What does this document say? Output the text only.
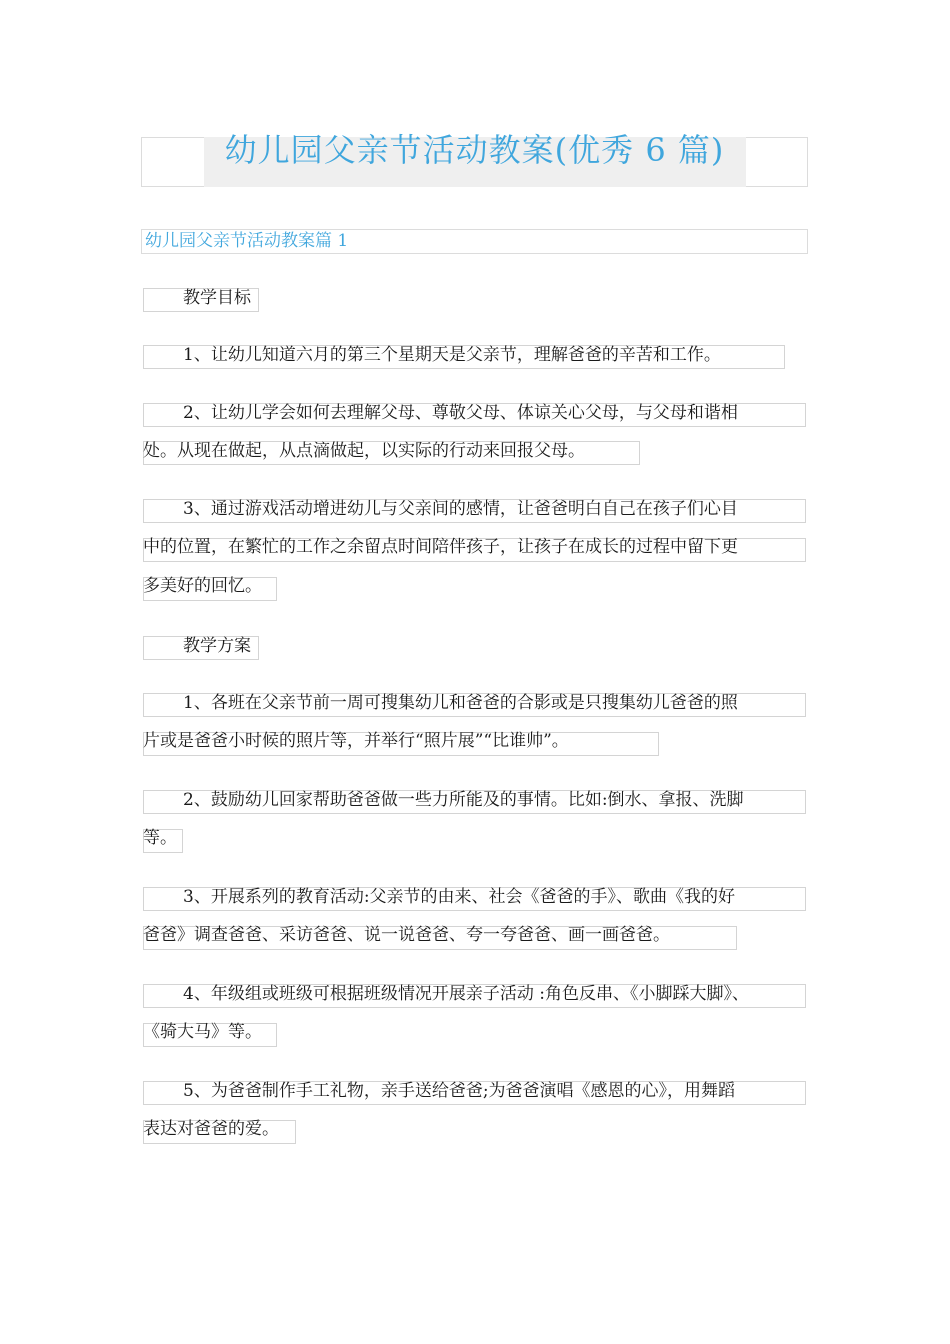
幼儿园父亲节活动教案(优秀 6 篇)
幼儿园父亲节活动教案篇 1
教学目标
1、让幼儿知道六月的第三个星期天是父亲节，理解爸爸的辛苦和工作。
2、让幼儿学会如何去理解父母、尊敬父母、体谅关心父母，与父母和谐相
处。从现在做起，从点滴做起，以实际的行动来回报父母。
3、通过游戏活动增进幼儿与父亲间的感情，让爸爸明白自己在孩子们心目
中的位置，在繁忙的工作之余留点时间陪伴孩子，让孩子在成长的过程中留下更
多美好的回忆。
教学方案
1、各班在父亲节前一周可搜集幼儿和爸爸的合影或是只搜集幼儿爸爸的照
片或是爸爸小时候的照片等，并举行“照片展”“比谁帅”。
2、鼓励幼儿回家帮助爸爸做一些力所能及的事情。比如:倒水、拿报、洗脚
等。
3、开展系列的教育活动:父亲节的由来、社会《爸爸的手》、歌曲《我的好
爸爸》调查爸爸、采访爸爸、说一说爸爸、夸一夸爸爸、画一画爸爸。
4、年级组或班级可根据班级情况开展亲子活动 :角色反串、《小脚踩大脚》、
《骑大马》等。
5、为爸爸制作手工礼物，亲手送给爸爸;为爸爸演唱《感恩的心》，用舞蹈
表达对爸爸的爱。
